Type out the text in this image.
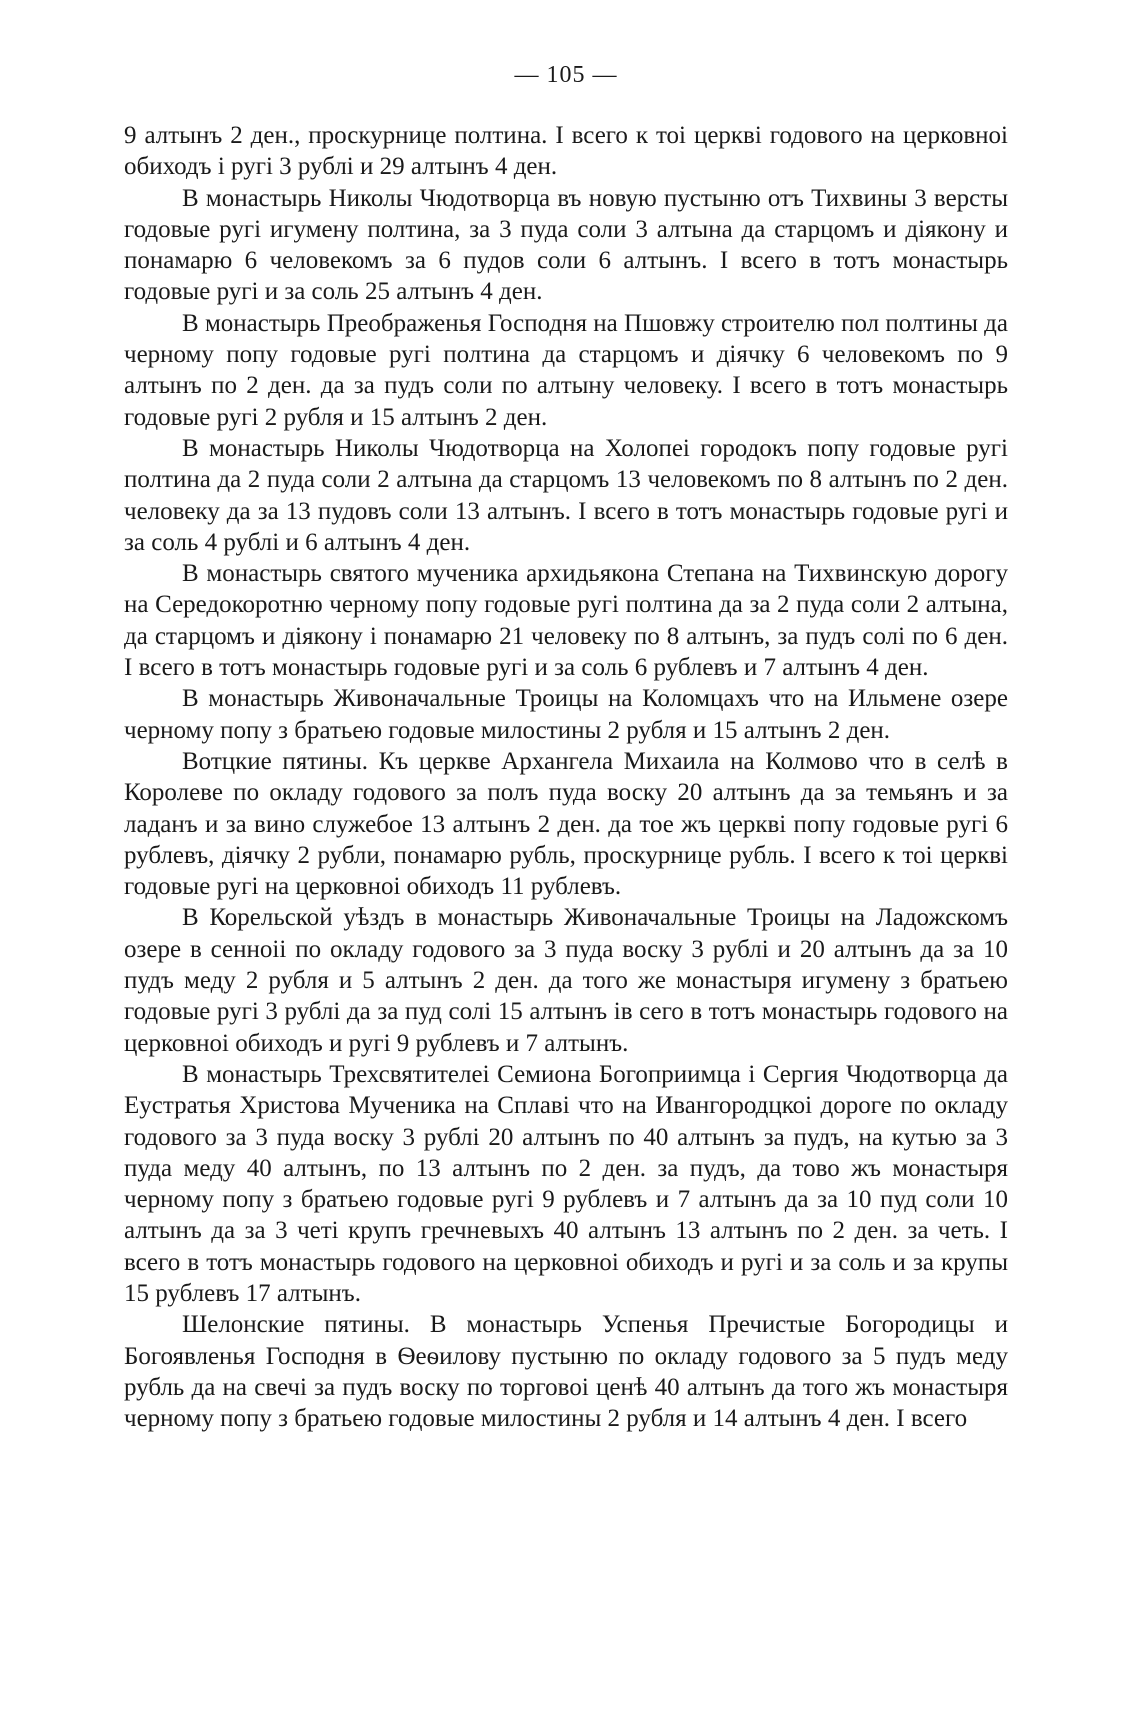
— 105 —

9 алтынъ 2 ден., проскурнице полтина. І всего к тоі церкві годового на церковноі обиходъ і ругі 3 рублі и 29 алтынъ 4 ден.

В монастырь Николы Чюдотворца въ новую пустыню отъ Тихвины 3 версты годовые ругі игумену полтина, за 3 пуда соли 3 алтына да старцомъ и діякону и понамарю 6 человекомъ за 6 пудов соли 6 алтынъ. І всего в тотъ монастырь годовые ругі и за соль 25 алтынъ 4 ден.

В монастырь Преображенья Господня на Пшовжу строителю пол полтины да черному попу годовые ругі полтина да старцомъ и діячку 6 человекомъ по 9 алтынъ по 2 ден. да за пудъ соли по алтыну человеку. І всего в тотъ монастырь годовые ругі 2 рубля и 15 алтынъ 2 ден.

В монастырь Николы Чюдотворца на Холопеі городокъ попу годовые ругі полтина да 2 пуда соли 2 алтына да старцомъ 13 человекомъ по 8 алтынъ по 2 ден. человеку да за 13 пудовъ соли 13 алтынъ. І всего в тотъ монастырь годовые ругі и за соль 4 рублі и 6 алтынъ 4 ден.

В монастырь святого мученика архидьякона Степана на Тихвинскую дорогу на Середокоротню черному попу годовые ругі полтина да за 2 пуда соли 2 алтына, да старцомъ и діякону і понамарю 21 человеку по 8 алтынъ, за пудъ солі по 6 ден. І всего в тотъ монастырь годовые ругі и за соль 6 рублевъ и 7 алтынъ 4 ден.

В монастырь Живоначальные Троицы на Коломцахъ что на Ильмене озере черному попу з братьею годовые милостины 2 рубля и 15 алтынъ 2 ден.

Вотцкие пятины. Къ церкве Архангела Михаила на Колмово что в селѣ в Королеве по окладу годового за полъ пуда воску 20 алтынъ да за темьянъ и за ладанъ и за вино служебое 13 алтынъ 2 ден. да тое жъ церкві попу годовые ругі 6 рублевъ, діячку 2 рубли, понамарю рубль, проскурнице рубль. І всего к тоі церкві годовые ругі на церковноі обиходъ 11 рублевъ.

В Корельской уѣздъ в монастырь Живоначальные Троицы на Ладожскомъ озере в сенноіі по окладу годового за 3 пуда воску 3 рублі и 20 алтынъ да за 10 пудъ меду 2 рубля и 5 алтынъ 2 ден. да того же монастыря игумену з братьею годовые ругі 3 рублі да за пуд солі 15 алтынъ ів сего в тотъ монастырь годового на церковноі обиходъ и ругі 9 рублевъ и 7 алтынъ.

В монастырь Трехсвятителеі Семиона Богоприимца і Сергия Чюдотворца да Еустратья Христова Мученика на Сплаві что на Ивангородцкоі дороге по окладу годового за 3 пуда воску 3 рублі 20 алтынъ по 40 алтынъ за пудъ, на кутью за 3 пуда меду 40 алтынъ, по 13 алтынъ по 2 ден. за пудъ, да тово жъ монастыря черному попу з братьею годовые ругі 9 рублевъ и 7 алтынъ да за 10 пуд соли 10 алтынъ да за 3 четі крупъ гречневыхъ 40 алтынъ 13 алтынъ по 2 ден. за четь. І всего в тотъ монастырь годового на церковноі обиходъ и ругі и за соль и за крупы 15 рублевъ 17 алтынъ.

Шелонские пятины. В монастырь Успенья Пречистые Богородицы и Богоявленья Господня в Ѳеѳилову пустыню по окладу годового за 5 пудъ меду рубль да на свечі за пудъ воску по торговоі ценѣ 40 алтынъ да того жъ монастыря черному попу з братьею годовые милостины 2 рубля и 14 алтынъ 4 ден. І всего
